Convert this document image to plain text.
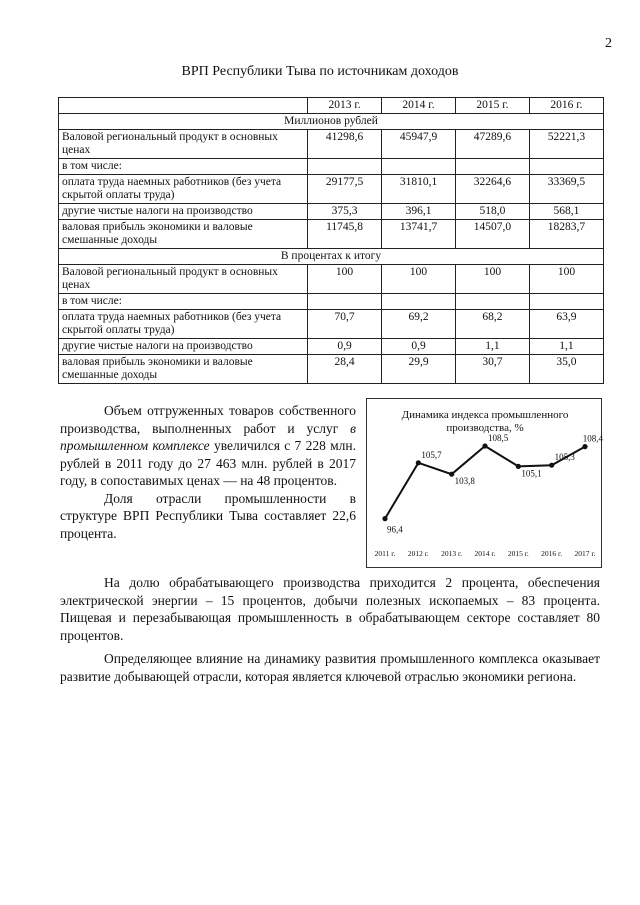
2
ВРП Республики Тыва по источникам доходов
	2013 г.	2014 г.	2015 г.	2016 г.
Миллионов рублей				
Валовой региональный продукт в основных ценах	41298,6	45947,9	47289,6	52221,3
в том числе:				
оплата труда наемных работников (без учета скрытой оплаты труда)	29177,5	31810,1	32264,6	33369,5
другие чистые налоги на производство	375,3	396,1	518,0	568,1
валовая прибыль экономики и валовые смешанные доходы	11745,8	13741,7	14507,0	18283,7
В процентах к итогу				
Валовой региональный продукт в основных ценах	100	100	100	100
в том числе:				
оплата труда наемных работников (без учета скрытой оплаты труда)	70,7	69,2	68,2	63,9
другие чистые налоги на производство	0,9	0,9	1,1	1,1
валовая прибыль экономики и валовые смешанные доходы	28,4	29,9	30,7	35,0

Объем отгруженных товаров собственного производства, выполненных работ и услуг в промышленном комплексе увеличился с 7 228 млн. рублей в 2011 году до 27 463 млн. рублей в 2017 году, в сопоставимых ценах — на 48 процентов.

Доля отрасли промышленности в структуре ВРП Республики Тыва составляет 22,6 процента.

Динамика индекса промышленного производства, %
96,4
2011 г.
105,7
2012 г.
103,8
2013 г.
108,5
2014 г.
105,1
2015 г.
105,3
2016 г.
108,4
2017 г.

На долю обрабатывающего производства приходится 2 процента, обеспечения электрической энергии – 15 процентов, добычи полезных ископаемых – 83 процента. Пищевая и перезабывающая промышленность в обрабатывающем секторе составляет 80 процентов.

Определяющее влияние на динамику развития промышленного комплекса оказывает развитие добывающей отрасли, которая является ключевой отраслью экономики региона.
